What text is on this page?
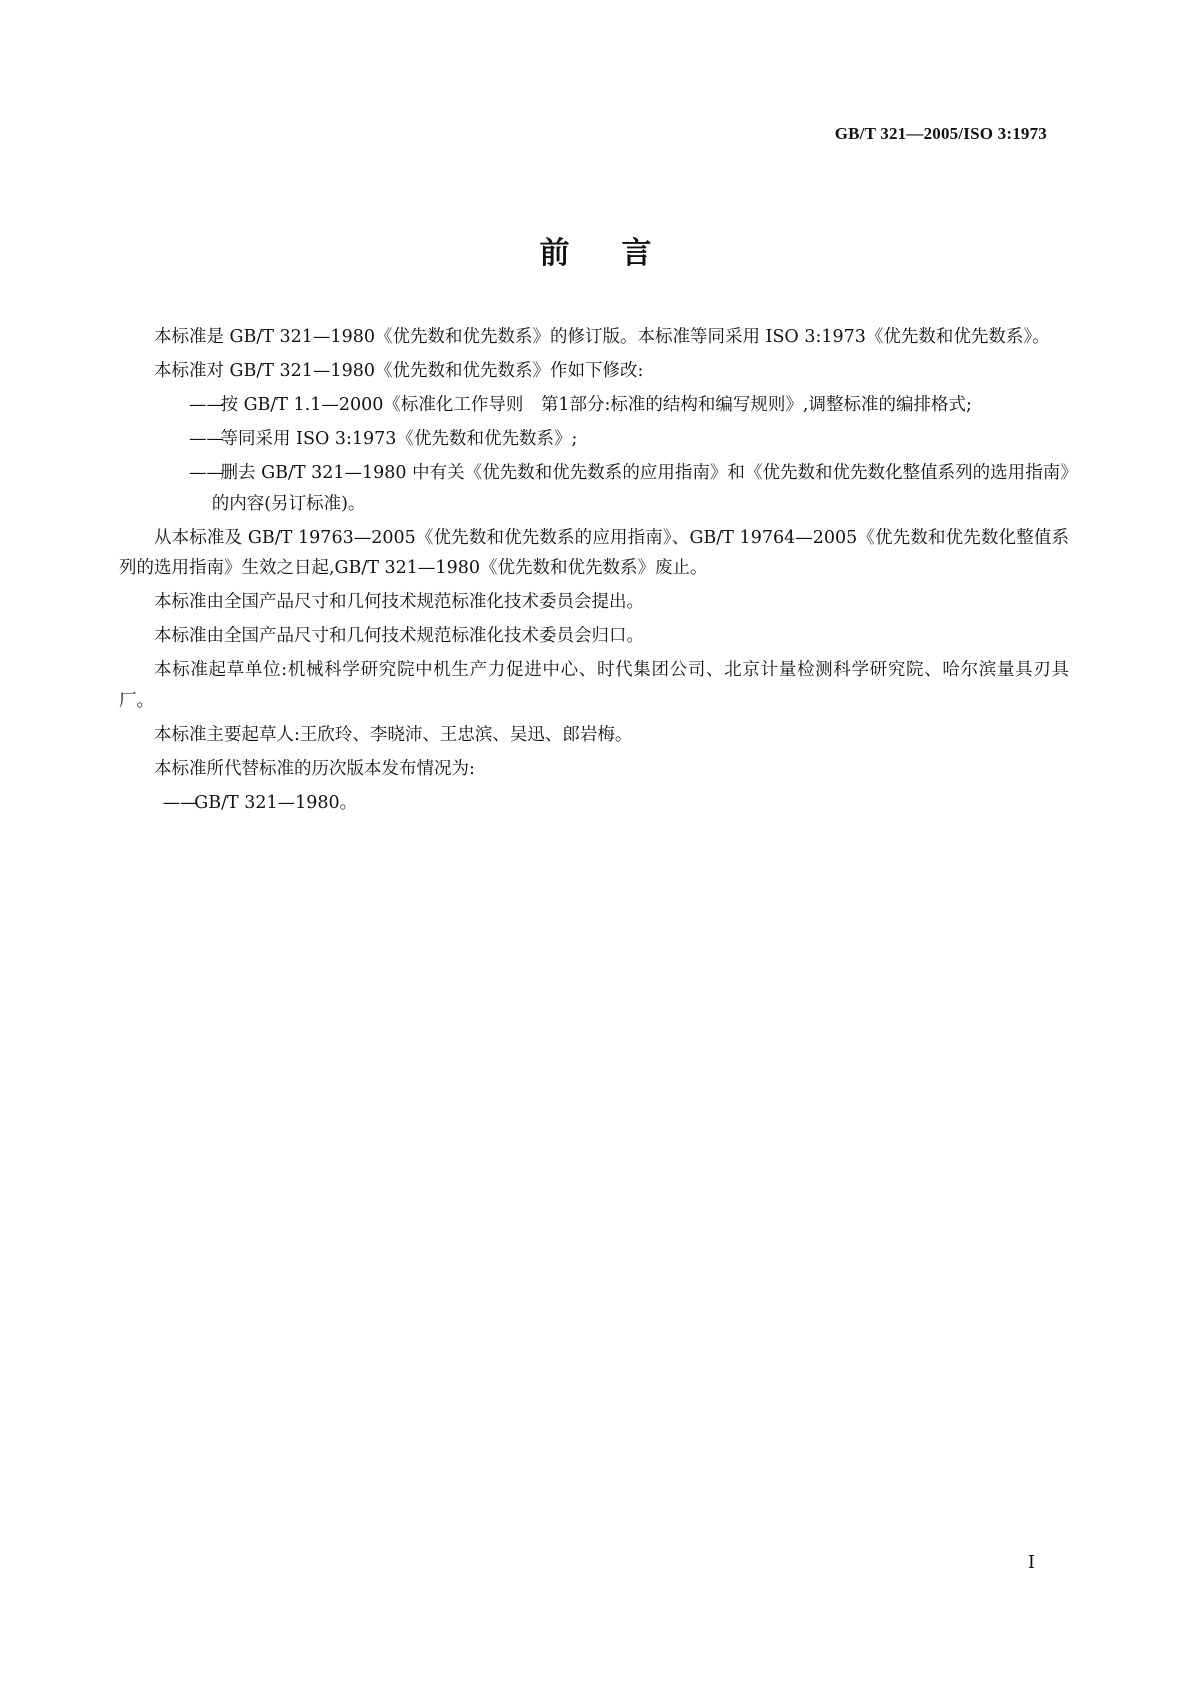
GB/T 321—2005/ISO 3:1973
前言

本标准是 GB/T 321—1980《优先数和优先数系》的修订版。本标准等同采用 ISO 3:1973《优先数和优先数系》。

本标准对 GB/T 321—1980《优先数和优先数系》作如下修改:

——按 GB/T 1.1—2000《标准化工作导则　第1部分:标准的结构和编写规则》,调整标准的编排格式;

——等同采用 ISO 3:1973《优先数和优先数系》;

——删去 GB/T 321—1980 中有关《优先数和优先数系的应用指南》和《优先数和优先数化整值系列的选用指南》的内容(另订标准)。

从本标准及 GB/T 19763—2005《优先数和优先数系的应用指南》、GB/T 19764—2005《优先数和优先数化整值系列的选用指南》生效之日起,GB/T 321—1980《优先数和优先数系》废止。

本标准由全国产品尺寸和几何技术规范标准化技术委员会提出。

本标准由全国产品尺寸和几何技术规范标准化技术委员会归口。

本标准起草单位:机械科学研究院中机生产力促进中心、时代集团公司、北京计量检测科学研究院、哈尔滨量具刃具厂。

本标准主要起草人:王欣玲、李晓沛、王忠滨、吴迅、郎岩梅。

本标准所代替标准的历次版本发布情况为:

——GB/T 321—1980。

Ⅰ
